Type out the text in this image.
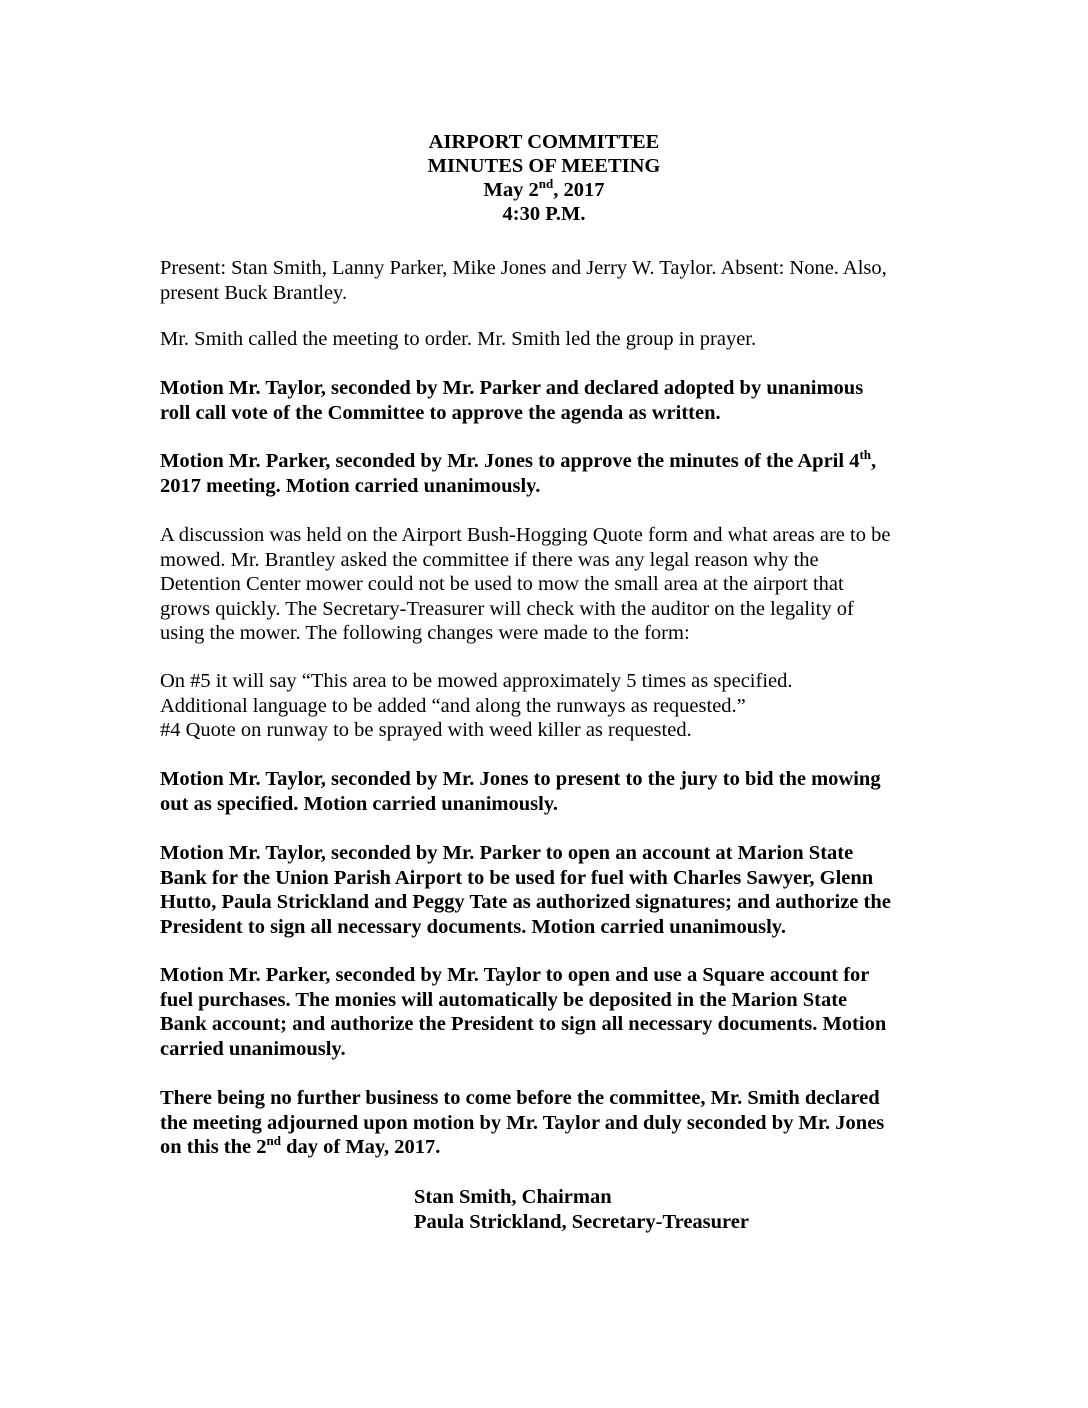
AIRPORT COMMITTEE
MINUTES OF MEETING
May 2nd, 2017
4:30 P.M.
Present: Stan Smith, Lanny Parker, Mike Jones and Jerry W. Taylor. Absent: None. Also,
present Buck Brantley.
Mr. Smith called the meeting to order. Mr. Smith led the group in prayer.
Motion Mr. Taylor, seconded by Mr. Parker and declared adopted by unanimous
roll call vote of the Committee to approve the agenda as written.
Motion Mr. Parker, seconded by Mr. Jones to approve the minutes of the April 4th,
2017 meeting. Motion carried unanimously.
A discussion was held on the Airport Bush-Hogging Quote form and what areas are to be
mowed. Mr. Brantley asked the committee if there was any legal reason why the
Detention Center mower could not be used to mow the small area at the airport that
grows quickly. The Secretary-Treasurer will check with the auditor on the legality of
using the mower. The following changes were made to the form:
On #5 it will say “This area to be mowed approximately 5 times as specified.
Additional language to be added “and along the runways as requested.”
#4 Quote on runway to be sprayed with weed killer as requested.
Motion Mr. Taylor, seconded by Mr. Jones to present to the jury to bid the mowing
out as specified. Motion carried unanimously.
Motion Mr. Taylor, seconded by Mr. Parker to open an account at Marion State
Bank for the Union Parish Airport to be used for fuel with Charles Sawyer, Glenn
Hutto, Paula Strickland and Peggy Tate as authorized signatures; and authorize the
President to sign all necessary documents. Motion carried unanimously.
Motion Mr. Parker, seconded by Mr. Taylor to open and use a Square account for
fuel purchases. The monies will automatically be deposited in the Marion State
Bank account; and authorize the President to sign all necessary documents. Motion
carried unanimously.
There being no further business to come before the committee, Mr. Smith declared
the meeting adjourned upon motion by Mr. Taylor and duly seconded by Mr. Jones
on this the 2nd day of May, 2017.
Stan Smith, Chairman
Paula Strickland, Secretary-Treasurer
